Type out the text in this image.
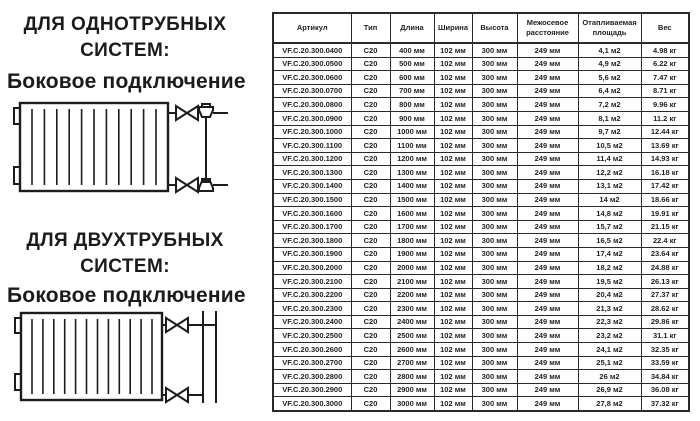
ДЛЯ ОДНОТРУБНЫХ
СИСТЕМ:
Боковое подключение
ДЛЯ ДВУХТРУБНЫХ
СИСТЕМ:
Боковое подключение
Артикул	Тип	Длина	Ширина	Высота	Межосевое расстояние	Отапливаемая площадь	Вес
VF.C.20.300.0400	C20	400 мм	102 мм	300 мм	249 мм	4,1 м2	4.98 кг
VF.C.20.300.0500	C20	500 мм	102 мм	300 мм	249 мм	4,9 м2	6.22 кг
VF.C.20.300.0600	C20	600 мм	102 мм	300 мм	249 мм	5,6 м2	7.47 кг
VF.C.20.300.0700	C20	700 мм	102 мм	300 мм	249 мм	6,4 м2	8.71 кг
VF.C.20.300.0800	C20	800 мм	102 мм	300 мм	249 мм	7,2 м2	9.96 кг
VF.C.20.300.0900	C20	900 мм	102 мм	300 мм	249 мм	8,1 м2	11.2 кг
VF.C.20.300.1000	C20	1000 мм	102 мм	300 мм	249 мм	9,7 м2	12.44 кг
VF.C.20.300.1100	C20	1100 мм	102 мм	300 мм	249 мм	10,5 м2	13.69 кг
VF.C.20.300.1200	C20	1200 мм	102 мм	300 мм	249 мм	11,4 м2	14.93 кг
VF.C.20.300.1300	C20	1300 мм	102 мм	300 мм	249 мм	12,2 м2	16.18 кг
VF.C.20.300.1400	C20	1400 мм	102 мм	300 мм	249 мм	13,1 м2	17.42 кг
VF.C.20.300.1500	C20	1500 мм	102 мм	300 мм	249 мм	14 м2	18.66 кг
VF.C.20.300.1600	C20	1600 мм	102 мм	300 мм	249 мм	14,8 м2	19.91 кг
VF.C.20.300.1700	C20	1700 мм	102 мм	300 мм	249 мм	15,7 м2	21.15 кг
VF.C.20.300.1800	C20	1800 мм	102 мм	300 мм	249 мм	16,5 м2	22.4 кг
VF.C.20.300.1900	C20	1900 мм	102 мм	300 мм	249 мм	17,4 м2	23.64 кг
VF.C.20.300.2000	C20	2000 мм	102 мм	300 мм	249 мм	18,2 м2	24.88 кг
VF.C.20.300.2100	C20	2100 мм	102 мм	300 мм	249 мм	19,5 м2	26.13 кг
VF.C.20.300.2200	C20	2200 мм	102 мм	300 мм	249 мм	20,4 м2	27.37 кг
VF.C.20.300.2300	C20	2300 мм	102 мм	300 мм	249 мм	21,3 м2	28.62 кг
VF.C.20.300.2400	C20	2400 мм	102 мм	300 мм	249 мм	22,3 м2	29.86 кг
VF.C.20.300.2500	C20	2500 мм	102 мм	300 мм	249 мм	23,2 м2	31.1 кг
VF.C.20.300.2600	C20	2600 мм	102 мм	300 мм	249 мм	24,1 м2	32.35 кг
VF.C.20.300.2700	C20	2700 мм	102 мм	300 мм	249 мм	25,1 м2	33.59 кг
VF.C.20.300.2800	C20	2800 мм	102 мм	300 мм	249 мм	26 м2	34.84 кг
VF.C.20.300.2900	C20	2900 мм	102 мм	300 мм	249 мм	26,9 м2	36.08 кг
VF.C.20.300.3000	C20	3000 мм	102 мм	300 мм	249 мм	27,8 м2	37.32 кг
